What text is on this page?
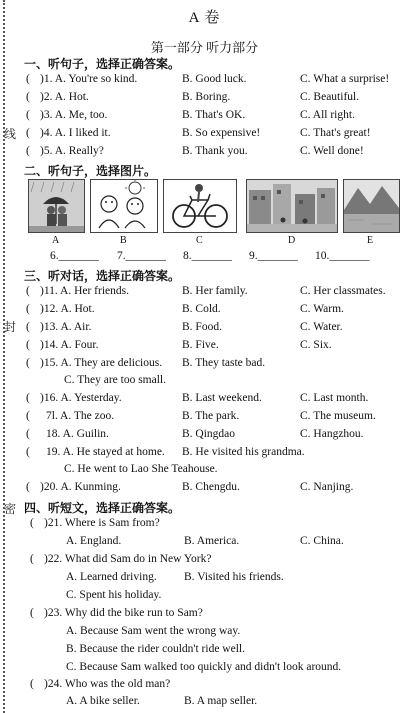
线
封
密
A 卷
第一部分 听力部分
一、听句子，选择正确答案。
( )1. A. You're so kind.	B. Good luck.	C. What a surprise!
( )2. A. Hot.	B. Boring.	C. Beautiful.
( )3. A. Me, too.	B. That's OK.	C. All right.
( )4. A. I liked it.	B. So expensive!	C. That's great!
( )5. A. Really?	B. Thank you.	C. Well done!
二、听句子，选择图片。
A	B	C	D	E
6._______ 7._______ 8._______ 9._______ 10._______
三、听对话，选择正确答案。
( )11. A. Her friends.	B. Her family.	C. Her classmates.
( )12. A. Hot.	B. Cold.	C. Warm.
( )13. A. Air.	B. Food.	C. Water.
( )14. A. Four.	B. Five.	C. Six.
( )15. A. They are delicious. B. They taste bad.
C. They are too small.
( )16. A. Yesterday.	B. Last weekend.	C. Last month.
( 7l. A. The zoo.	B. The park.	C. The museum.
( 18. A. Guilin.	B. Qingdao	C. Hangzhou.
( 19. A. He stayed at home. B. He visited his grandma.
C. He went to Lao She Teahouse.
( )20. A. Kunming.	B. Chengdu.	C. Nanjing.
四、听短文，选择正确答案。
( )21. Where is Sam from?
A. England.	B. America.	C. China.
( )22. What did Sam do in New York?
A. Learned driving. B. Visited his friends.
C. Spent his holiday.
( )23. Why did the bike run to Sam?
A. Because Sam went the wrong way.
B. Because the rider couldn't ride well.
C. Because Sam walked too quickly and didn't look around.
( )24. Who was the old man?
A. A bike seller.	B. A map seller.
